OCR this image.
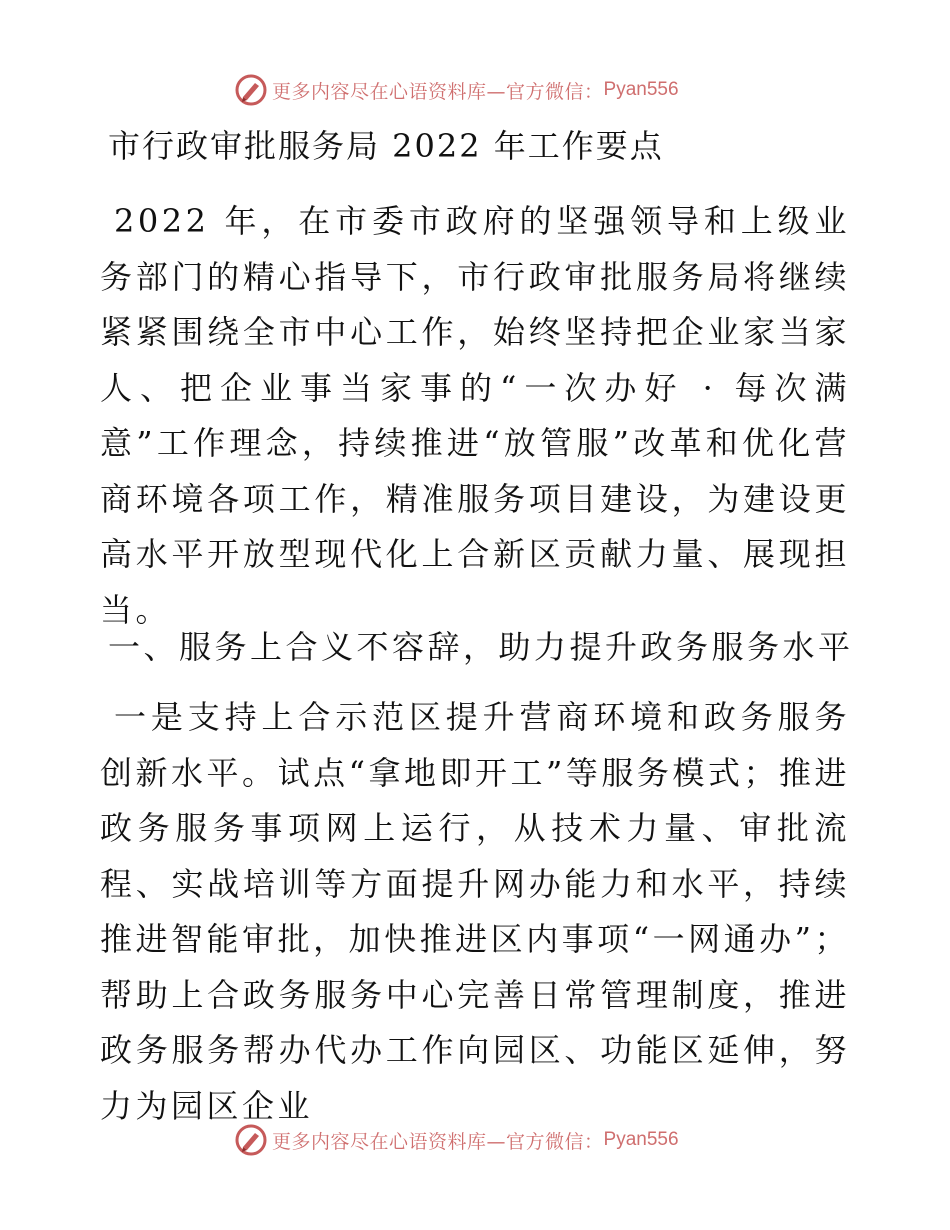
更多内容尽在心语资料库—官方微信： Pyan556
市行政审批服务局 2022 年工作要点

2022 年，在市委市政府的坚强领导和上级业务部门的精心指导下，市行政审批服务局将继续紧紧围绕全市中心工作，始终坚持把企业家当家人、把企业事当家事的“一次办好 · 每次满意”工作理念，持续推进“放管服”改革和优化营商环境各项工作，精准服务项目建设，为建设更高水平开放型现代化上合新区贡献力量、展现担当。

一、服务上合义不容辞，助力提升政务服务水平

一是支持上合示范区提升营商环境和政务服务创新水平。试点“拿地即开工”等服务模式；推进政务服务事项网上运行，从技术力量、审批流程、实战培训等方面提升网办能力和水平，持续推进智能审批，加快推进区内事项“一网通办”；帮助上合政务服务中心完善日常管理制度，推进政务服务帮办代办工作向园区、功能区延伸，努力为园区企业

更多内容尽在心语资料库—官方微信： Pyan556
